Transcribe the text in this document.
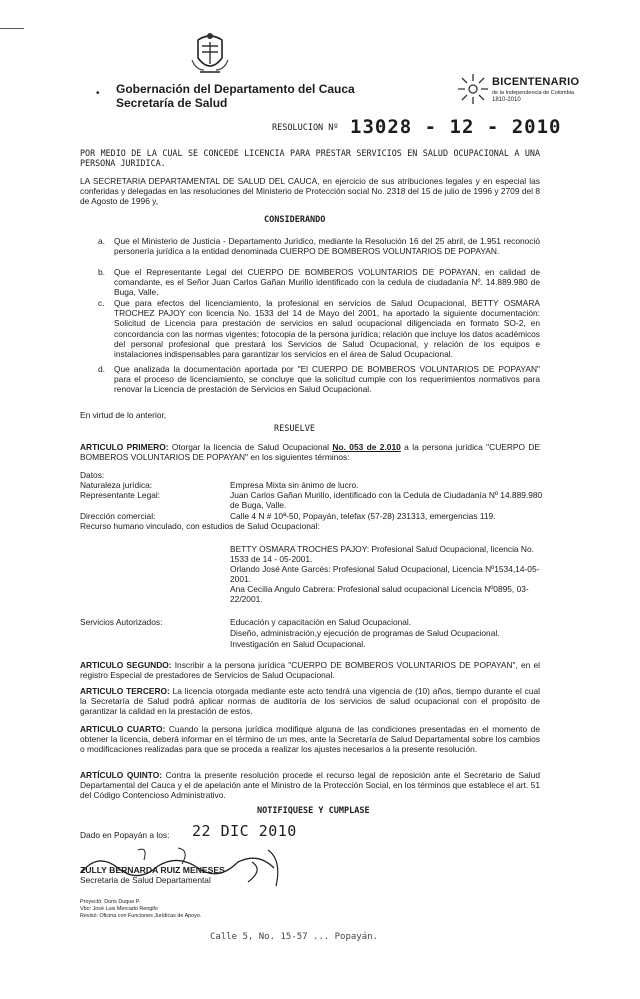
• Gobernación del Departamento del Cauca
Secretaría de Salud
BICENTENARIO
de la Independencia de Colombia
1810-2010
RESOLUCION Nº 13028 - 12 - 2010
POR MEDIO DE LA CUAL SE CONCEDE LICENCIA PARA PRESTAR SERVICIOS EN SALUD OCUPACIONAL A UNA PERSONA JURIDICA.
LA SECRETARIA DEPARTAMENTAL DE SALUD DEL CAUCA, en ejercicio de sus atribuciones legales y en especial las conferidas y delegadas en las resoluciones del Ministerio de Protección social No. 2318 del 15 de julio de 1996 y 2709 del 8 de Agosto de 1996 y,
CONSIDERANDO
a. Que el Ministerio de Justicia - Departamento Jurídico, mediante la Resolución 16 del 25 abril, de 1.951 reconoció personería jurídica a la entidad denominada CUERPO DE BOMBEROS VOLUNTARIOS DE POPAYAN.
b. Que el Representante Legal del CUERPO DE BOMBEROS VOLUNTARIOS DE POPAYAN, en calidad de comandante, es el Señor Juan Carlos Gañan Murillo identificado con la cedula de ciudadanía Nº. 14.889.980 de Buga, Valle.
c. Que para efectos del licenciamiento, la profesional en servicios de Salud Ocupacional, BETTY OSMARA TROCHEZ PAJOY con licencia No. 1533 del 14 de Mayo del 2001, ha aportado la siguiente documentación: Solicitud de Licencia para prestación de servicios en salud ocupacional diligenciada en formato SO-2, en concordancia con las normas vigentes; fotocopia de la persona jurídica; relación que incluye los datos académicos del personal profesional que prestará los Servicios de Salud Ocupacional, y relación de los equipos e instalaciones indispensables para garantizar los servicios en el área de Salud Ocupacional.
d. Que analizada la documentación aportada por "El CUERPO DE BOMBEROS VOLUNTARIOS DE POPAYAN" para el proceso de licenciamiento, se concluye que la solicitud cumple con los requerimientos normativos para renovar la Licencia de prestación de Servicios en Salud Ocupacional.
En virtud de lo anterior,
RESUELVE
ARTICULO PRIMERO: Otorgar la licencia de Salud Ocupacional No. 053 de 2.010 a la persona jurídica "CUERPO DE BOMBEROS VOLUNTARIOS DE POPAYAN" en los siguientes términos:
Datos:
Naturaleza jurídica:	Empresa Mixta sin ánimo de lucro.
Representante Legal:	Juan Carlos Gañan Murillo, identificado con la Cedula de Ciudadanía Nº 14.889.980 de Buga, Valle.
Dirección comercial:	Calle 4 N # 10ª-50, Popayán, telefax (57-28) 231313, emergencias 119.
Recurso humano vinculado, con estudios de Salud Ocupacional:
BETTY OSMARA TROCHES PAJOY: Profesional Salud Ocupacional, licencia No. 1533 de 14 - 05-2001.
Orlando José Ante Garcés: Profesional Salud Ocupacional, Licencia Nº1534,14-05-2001.
Ana Cecilia Angulo Cabrera: Profesional salud ocupacional Licencia Nº0895, 03-22/2001.
Servicios Autorizados:	Educación y capacitación en Salud Ocupacional.
Diseño, administración,y ejecución de programas de Salud Ocupacional.
Investigación en Salud Ocupacional.
ARTICULO SEGUNDO: Inscribir a la persona jurídica "CUERPO DE BOMBEROS VOLUNTARIOS DE POPAYAN", en el registro Especial de prestadores de Servicios de Salud Ocupacional.
ARTICULO TERCERO: La licencia otorgada mediante este acto tendrá una vigencia de (10) años, tiempo durante el cual la Secretaría de Salud podrá aplicar normas de auditoría de los servicios de salud ocupacional con el propósito de garantizar la calidad en la prestación de estos.
ARTICULO CUARTO: Cuando la persona jurídica modifique alguna de las condiciones presentadas en el momento de obtener la licencia, deberá informar en el término de un mes, ante la Secretaría de Salud Departamental sobre los cambios o modificaciones realizadas para que se proceda a realizar los ajustes necesarios a la presente resolución.
ARTÍCULO QUINTO: Contra la presente resolución procede el recurso legal de reposición ante el Secretario de Salud Departamental del Cauca y el de apelación ante el Ministro de la Protección Social, en los términos que establece el art. 51 del Código Contencioso Administrativo.
NOTIFIQUESE Y CUMPLASE
Dado en Popayán a los: 22 DIC 2010
ZULLY BERNARDA RUIZ MENESES
Secretaria de Salud Departamental
Proyectó: Doris Duque P.
Vbo: José Luis Mercado Rengifo
Revisó: Oficina con Funciones Jurídicas de Apoyo.
Calle 5, No. 15-57 ... Popayán.
